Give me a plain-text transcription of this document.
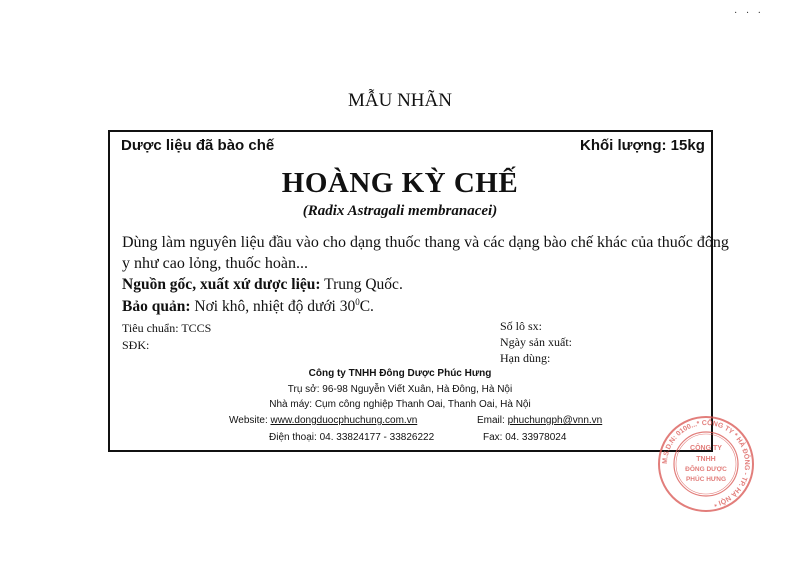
· · ·
MẪU NHÃN
Dược liệu đã bào chế	Khối lượng: 15kg
HOÀNG KỲ CHẾ
(Radix Astragali membranacei)
Dùng làm nguyên liệu đầu vào cho dạng thuốc thang và các dạng bào chế khác của thuốc đông
y như cao lỏng, thuốc hoàn...
Nguồn gốc, xuất xứ dược liệu: Trung Quốc.
Bảo quản: Nơi khô, nhiệt độ dưới $30^0C$.
Tiêu chuẩn: TCCS
SĐK:
Số lô sx:
Ngày sản xuất:
Hạn dùng:
Công ty TNHH Đông Dược Phúc Hưng
Trụ sở: 96-98 Nguyễn Viết Xuân, Hà Đông, Hà Nội
Nhà máy: Cụm công nghiệp Thanh Oai, Thanh Oai, Hà Nội
Website: www.dongduocphuchung.com.vn	Email: phuchungph@vnn.vn
Điện thoại: 04. 33824177 - 33826222	Fax: 04. 33978024
M.S.D.N: 0100...* CÔNG TY * HÀ ĐÔNG - TP. HÀ NỘI *
CÔNG TY
TNHH
ĐÔNG DƯỢC
PHÚC HƯNG
